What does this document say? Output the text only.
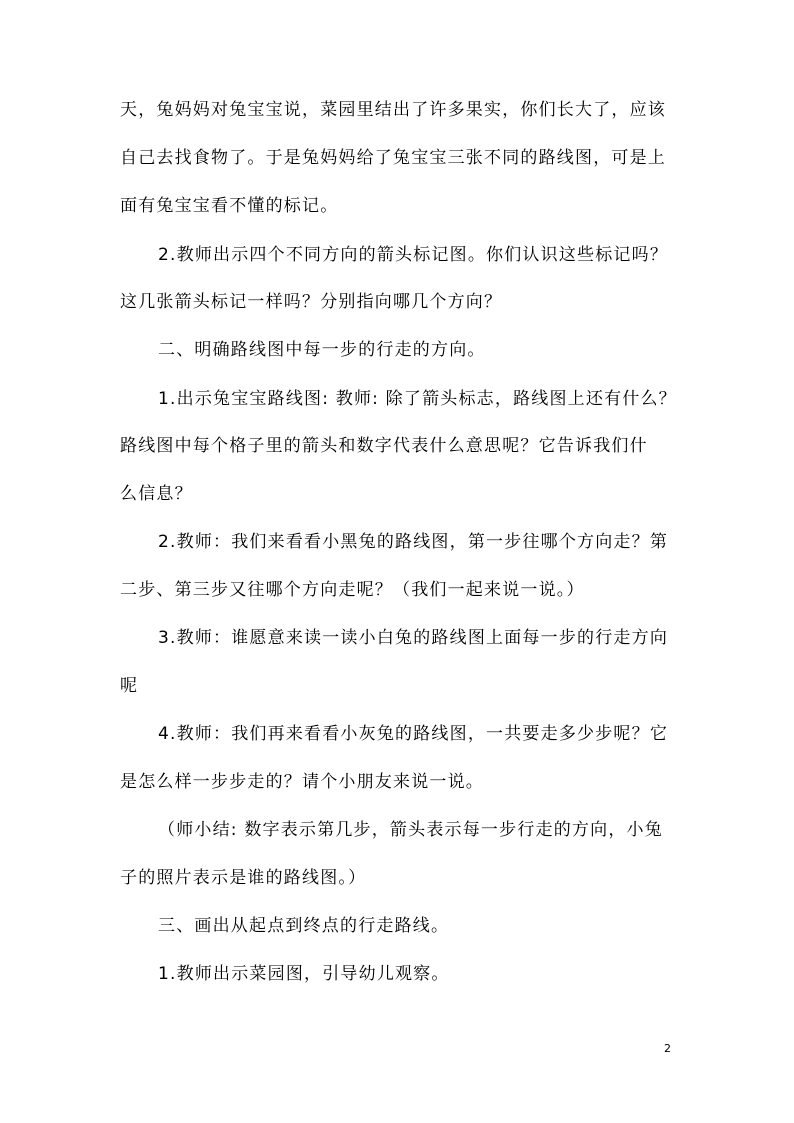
天，兔妈妈对兔宝宝说，菜园里结出了许多果实，你们长大了，应该
自己去找食物了。于是兔妈妈给了兔宝宝三张不同的路线图，可是上
面有兔宝宝看不懂的标记。
2.教师出示四个不同方向的箭头标记图。你们认识这些标记吗？
这几张箭头标记一样吗？分别指向哪几个方向？
二、明确路线图中每一步的行走的方向。
1.出示兔宝宝路线图: 教师: 除了箭头标志，路线图上还有什么？
路线图中每个格子里的箭头和数字代表什么意思呢？它告诉我们什
么信息？
2.教师：我们来看看小黑兔的路线图，第一步往哪个方向走？第
二步、第三步又往哪个方向走呢？（我们一起来说一说。）
3.教师：谁愿意来读一读小白兔的路线图上面每一步的行走方向
呢
4.教师：我们再来看看小灰兔的路线图，一共要走多少步呢？它
是怎么样一步步走的？请个小朋友来说一说。
（师小结: 数字表示第几步，箭头表示每一步行走的方向，小兔
子的照片表示是谁的路线图。）
三、画出从起点到终点的行走路线。
1.教师出示菜园图，引导幼儿观察。
2
